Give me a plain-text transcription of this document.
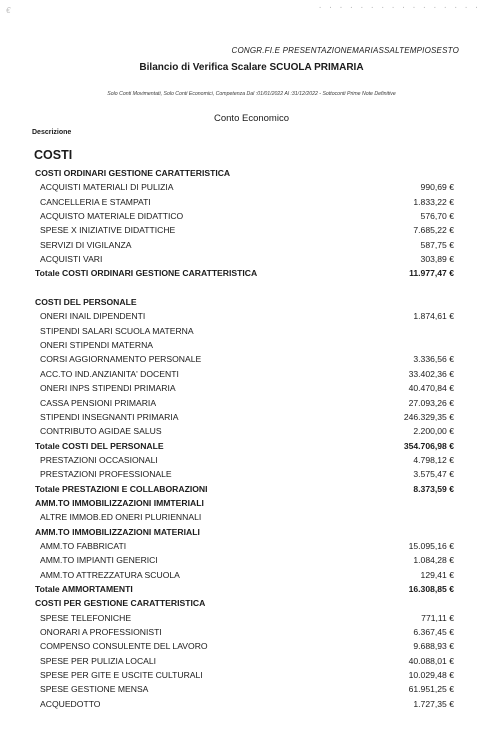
€	· · · · · · · · · · · · · · · ·
CONGR.FI.E PRESENTAZIONEMARIASSALTEMPIOSESTO
Bilancio di Verifica Scalare SCUOLA PRIMARIA
Solo Conti Movimentati, Solo Conti Economici, Competenza Dal :01/01/2022 Al :31/12/2022 - Sottoconti Prime Note Definitive
Conto Economico
Descrizione
COSTI
COSTI ORDINARI GESTIONE CARATTERISTICA
ACQUISTI MATERIALI DI PULIZIA	990,69 €
CANCELLERIA E STAMPATI	1.833,22 €
ACQUISTO MATERIALE DIDATTICO	576,70 €
SPESE X INIZIATIVE DIDATTICHE	7.685,22 €
SERVIZI DI VIGILANZA	587,75 €
ACQUISTI VARI	303,89 €
Totale COSTI ORDINARI GESTIONE CARATTERISTICA	11.977,47 €
COSTI DEL PERSONALE
ONERI INAIL DIPENDENTI	1.874,61 €
STIPENDI SALARI SCUOLA MATERNA
ONERI STIPENDI MATERNA
CORSI AGGIORNAMENTO PERSONALE	3.336,56 €
ACC.TO IND.ANZIANITA' DOCENTI	33.402,36 €
ONERI INPS STIPENDI PRIMARIA	40.470,84 €
CASSA PENSIONI PRIMARIA	27.093,26 €
STIPENDI INSEGNANTI PRIMARIA	246.329,35 €
CONTRIBUTO AGIDAE SALUS	2.200,00 €
Totale COSTI DEL PERSONALE	354.706,98 €
PRESTAZIONI OCCASIONALI	4.798,12 €
PRESTAZIONI PROFESSIONALE	3.575,47 €
Totale PRESTAZIONI E COLLABORAZIONI	8.373,59 €
AMM.TO IMMOBILIZZAZIONI IMMTERIALI
ALTRE IMMOB.ED ONERI PLURIENNALI
AMM.TO IMMOBILIZZAZIONI MATERIALI
AMM.TO FABBRICATI	15.095,16 €
AMM.TO IMPIANTI GENERICI	1.084,28 €
AMM.TO ATTREZZATURA SCUOLA	129,41 €
Totale AMMORTAMENTI	16.308,85 €
COSTI PER GESTIONE CARATTERISTICA
SPESE TELEFONICHE	771,11 €
ONORARI A PROFESSIONISTI	6.367,45 €
COMPENSO CONSULENTE DEL LAVORO	9.688,93 €
SPESE PER PULIZIA LOCALI	40.088,01 €
SPESE PER GITE E USCITE CULTURALI	10.029,48 €
SPESE GESTIONE MENSA	61.951,25 €
ACQUEDOTTO	1.727,35 €
